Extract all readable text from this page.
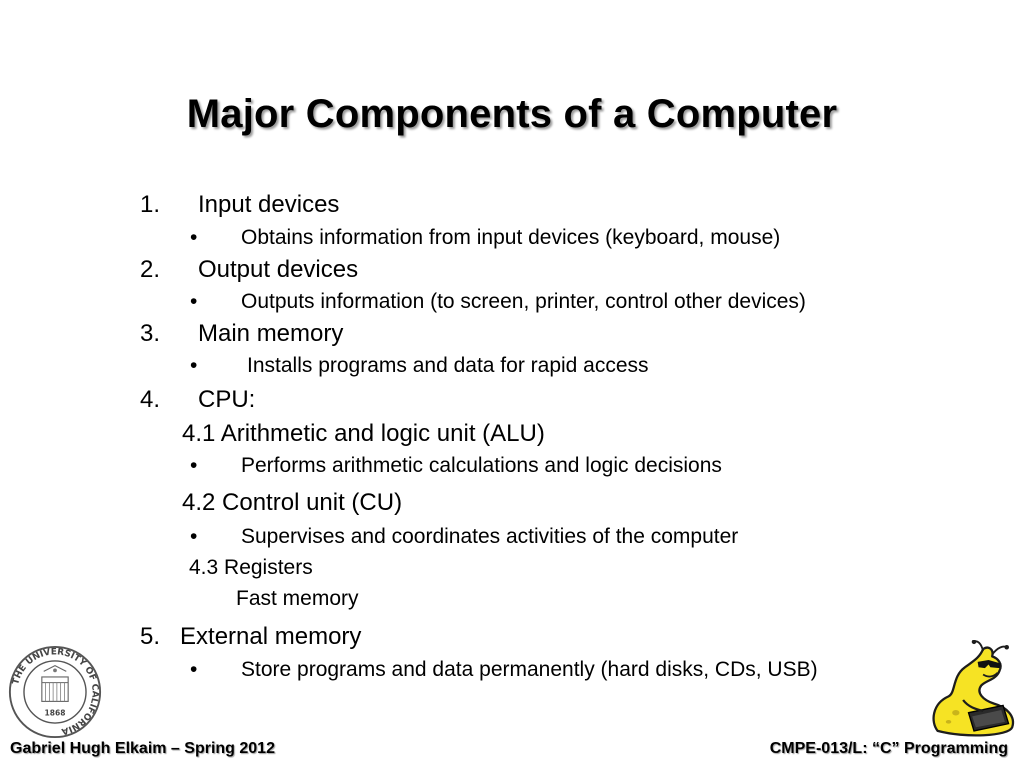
Major Components of a Computer
1. Input devices
• Obtains information from input devices (keyboard, mouse)
2. Output devices
• Outputs information (to screen, printer, control other devices)
3. Main memory
• Installs programs and data for rapid access
4. CPU:
4.1 Arithmetic and logic unit (ALU)
• Performs arithmetic calculations and logic decisions
4.2 Control unit (CU)
• Supervises and coordinates activities of the computer
4.3 Registers
Fast memory
5.   External memory
• Store programs and data permanently (hard disks, CDs, USB)
THE UNIVERSITY OF CALIFORNIA
1868
Gabriel Hugh Elkaim – Spring 2012	CMPE-013/L: “C” Programming
